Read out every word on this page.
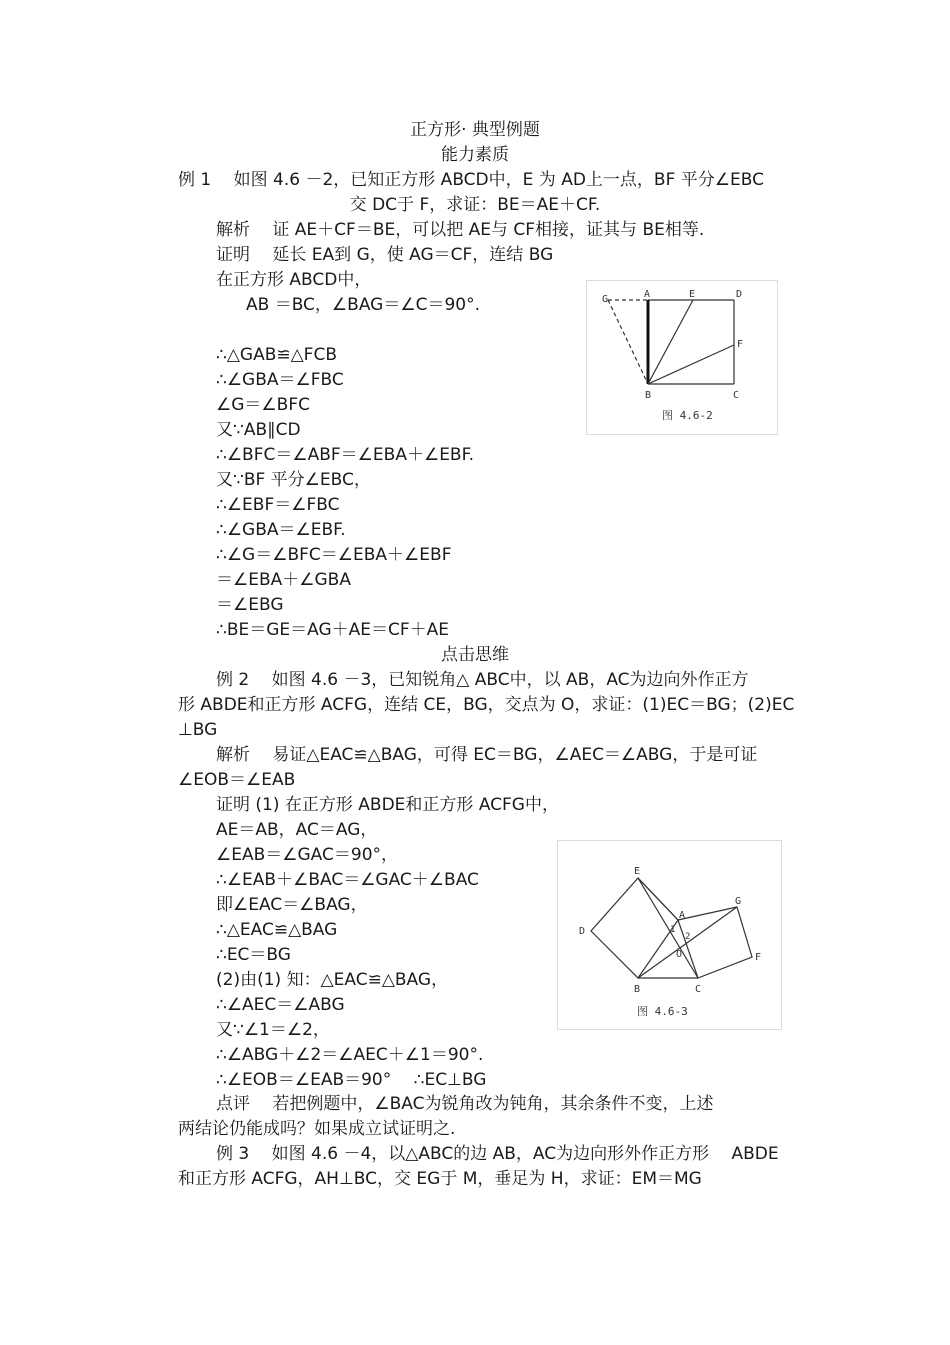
正方形· 典型例题
能力素质
例 1　 如图 4.6 －2，已知正方形 ABCD中，E 为 AD上一点，BF 平分∠EBC
交 DC于 F，求证：BE＝AE＋CF.
解析　 证 AE＋CF＝BE，可以把 AE与 CF相接，证其与 BE相等.
证明　 延长 EA到 G，使 AG＝CF，连结 BG
在正方形 ABCD中，
AB ＝BC，∠BAG＝∠C＝90°.
∴△GAB≌△FCB
∴∠GBA＝∠FBC
∠G＝∠BFC
又∵AB∥CD
∴∠BFC＝∠ABF＝∠EBA＋∠EBF.
又∵BF 平分∠EBC，
∴∠EBF＝∠FBC
∴∠GBA＝∠EBF.
∴∠G＝∠BFC＝∠EBA＋∠EBF
＝∠EBA＋∠GBA
＝∠EBG
∴BE＝GE＝AG＋AE＝CF＋AE
点击思维
例 2　 如图 4.6 －3，已知锐角△ ABC中，以 AB，AC为边向外作正方
形 ABDE和正方形 ACFG，连结 CE，BG，交点为 O，求证：(1)EC＝BG；(2)EC
⊥BG
解析　 易证△EAC≌△BAG，可得 EC＝BG，∠AEC＝∠ABG，于是可证
∠EOB＝∠EAB
证明 (1) 在正方形 ABDE和正方形 ACFG中，
AE＝AB，AC＝AG，
∠EAB＝∠GAC＝90°，
∴∠EAB＋∠BAC＝∠GAC＋∠BAC
即∠EAC＝∠BAG，
∴△EAC≌△BAG
∴EC＝BG
(2)由(1) 知：△EAC≌△BAG，
∴∠AEC＝∠ABG
又∵∠1＝∠2，
∴∠ABG＋∠2＝∠AEC＋∠1＝90°.
∴∠EOB＝∠EAB＝90°　 ∴EC⊥BG
点评　 若把例题中，∠BAC为锐角改为钝角，其余条件不变，上述
两结论仍能成吗？如果成立试证明之.
例 3　 如图 4.6 －4，以△ABC的边 AB，AC为边向形外作正方形　 ABDE
和正方形 ACFG，AH⊥BC，交 EG于 M，垂足为 H，求证：EM＝MG
G	A	E	D
F
B	C
图 4.6-2
E
D
A
G
F
B	C
O
1
2
图 4.6-3
